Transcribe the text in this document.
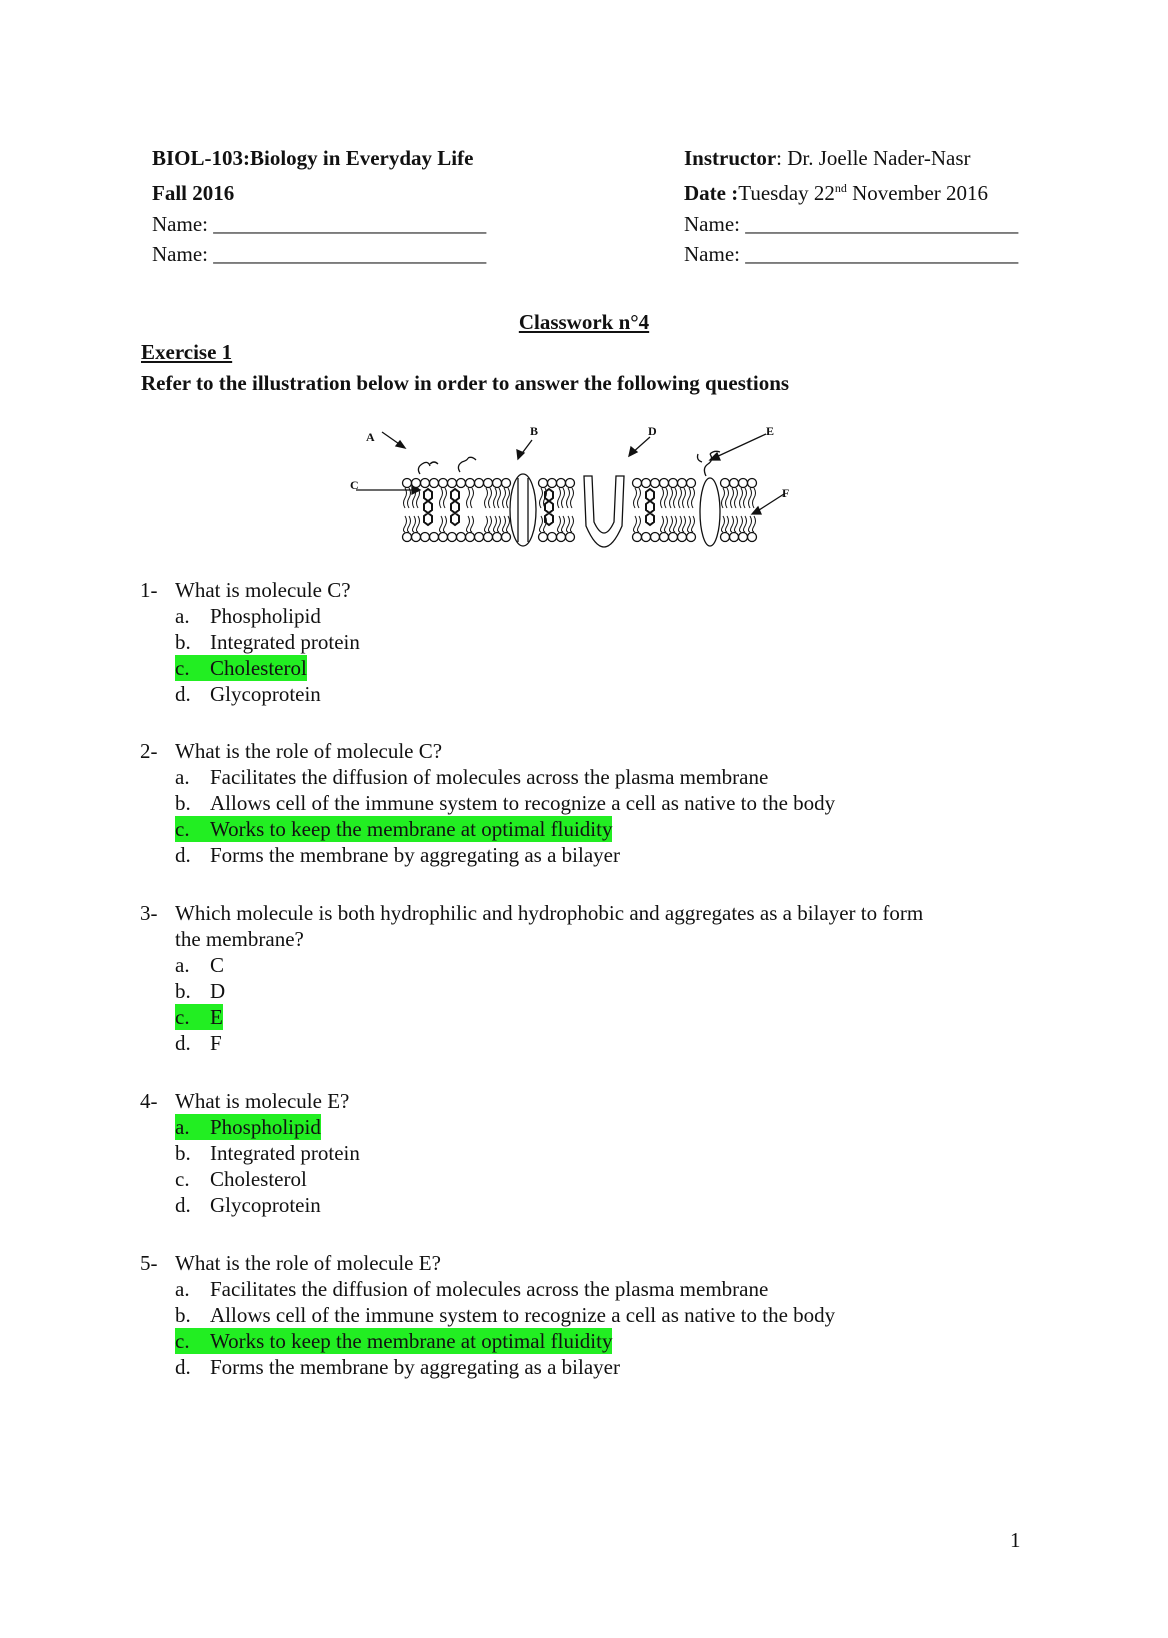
BIOL-103:Biology in Everyday Life
Fall 2016
Name: __________________________
Name: __________________________
Instructor: Dr. Joelle Nader-Nasr
Date :Tuesday 22nd November 2016
Name: __________________________
Name: __________________________
Classwork n°4
Exercise 1
Refer to the illustration below in order to answer the following questions
A	B
C
D	E
F
1- What is molecule C?
a. Phospholipid
b. Integrated protein
c. Cholesterol
d. Glycoprotein
2- What is the role of molecule C?
a. Facilitates the diffusion of molecules across the plasma membrane
b. Allows cell of the immune system to recognize a cell as native to the body
c. Works to keep the membrane at optimal fluidity
d. Forms the membrane by aggregating as a bilayer
3- Which molecule is both hydrophilic and hydrophobic and aggregates as a bilayer to form
the membrane?
a. C
b. D
c. E
d. F
4- What is molecule E?
a. Phospholipid
b. Integrated protein
c. Cholesterol
d. Glycoprotein
5- What is the role of molecule E?
a. Facilitates the diffusion of molecules across the plasma membrane
b. Allows cell of the immune system to recognize a cell as native to the body
c. Works to keep the membrane at optimal fluidity
d. Forms the membrane by aggregating as a bilayer
1
